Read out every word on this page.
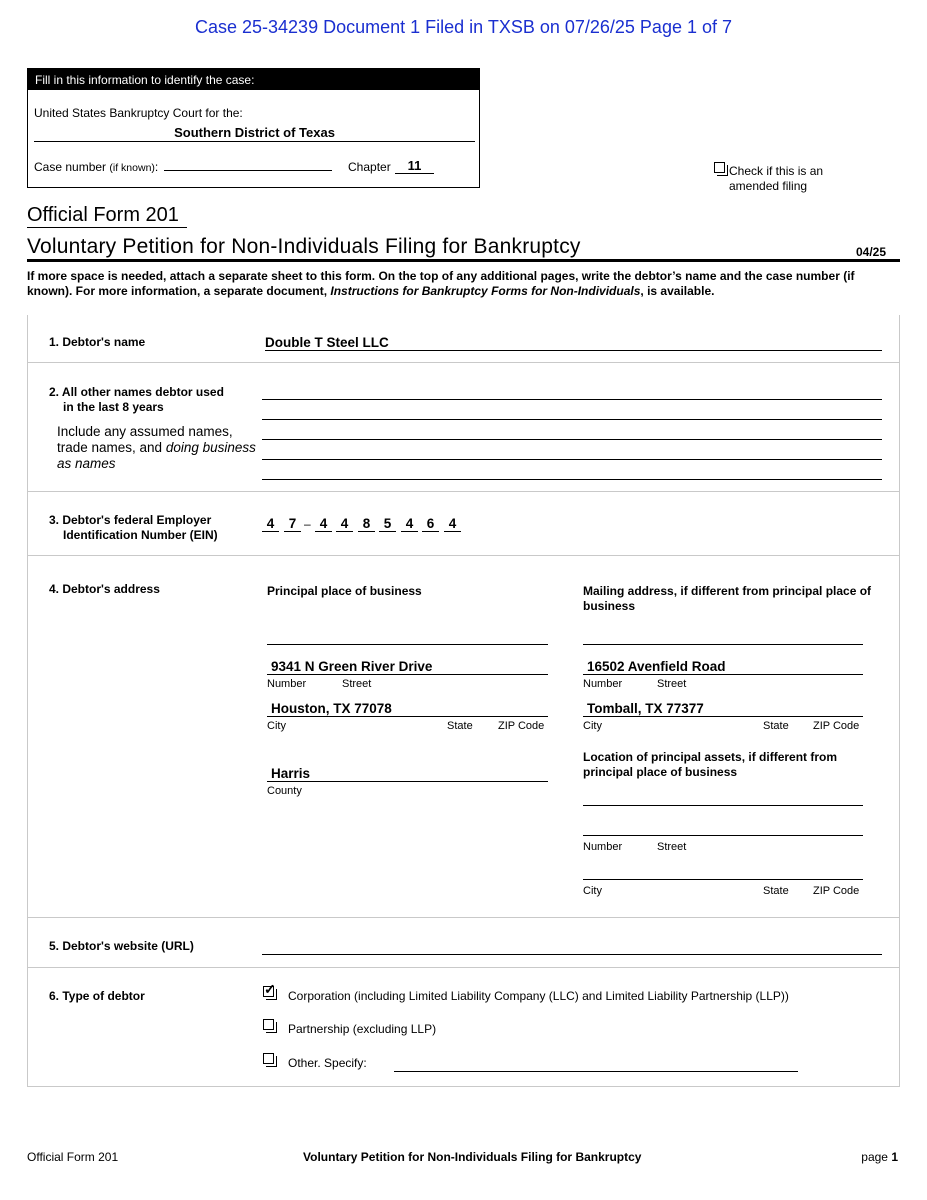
Case 25-34239 Document 1 Filed in TXSB on 07/26/25 Page 1 of 7
Fill in this information to identify the case:
United States Bankruptcy Court for the:
Southern District of Texas
Case number (if known):	Chapter	11	Check if this is an
amended filing
Official Form 201
Voluntary Petition for Non-Individuals Filing for Bankruptcy	04/25
If more space is needed, attach a separate sheet to this form. On the top of any additional pages, write the debtor’s name and the case number (if known). For more information, a separate document, Instructions for Bankruptcy Forms for Non-Individuals, is available.
1. Debtor's name	Double T Steel LLC
2. All other names debtor used
in the last 8 years
Include any assumed names,
trade names, and doing business
as names
3. Debtor's federal Employer
Identification Number (EIN)
4	7 – 4 4	8 5	4 6	4
4. Debtor's address	Principal place of business
9341 N Green River Drive
Number	Street
Houston, TX 77078
City	State ZIP Code
Harris
County
Mailing address, if different from principal place of business
16502 Avenfield Road
Number	Street
Tomball, TX 77377
City	State ZIP Code
Location of principal assets, if different from principal place of business
Number	Street
City	State ZIP Code
5. Debtor's website (URL)
6. Type of debtor	✓ Corporation (including Limited Liability Company (LLC) and Limited Liability Partnership (LLP))
Partnership (excluding LLP)
Other. Specify:
Official Form 201	Voluntary Petition for Non-Individuals Filing for Bankruptcy	page 1
